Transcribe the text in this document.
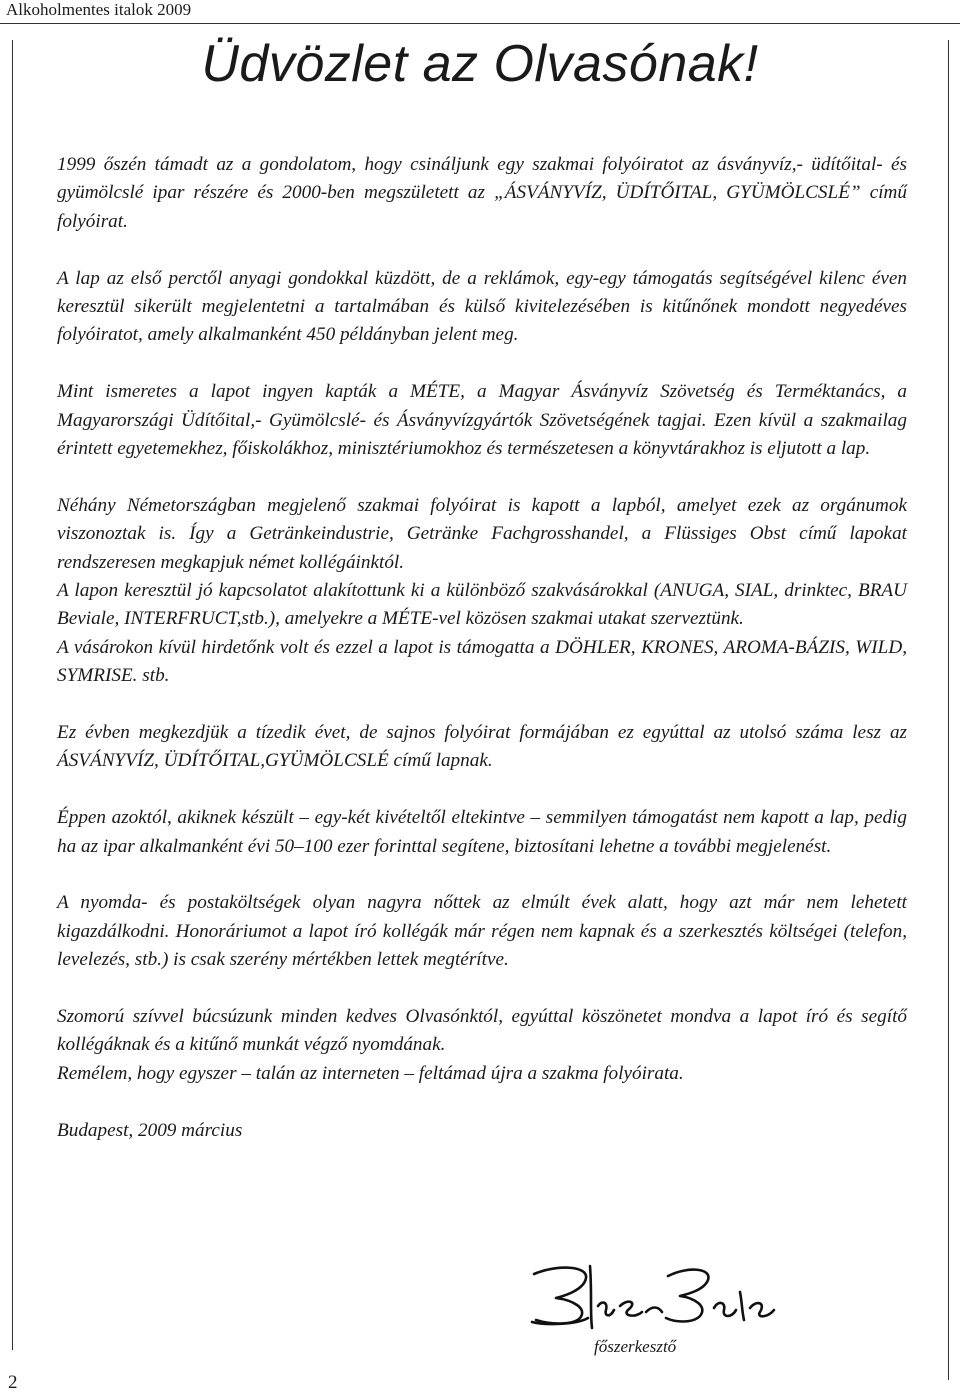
Alkoholmentes italok 2009
Üdvözlet az Olvasónak!

1999 őszén támadt az a gondolatom, hogy csináljunk egy szakmai folyóiratot az ásványvíz,- üdítőital- és gyümölcslé ipar részére és 2000-ben megszületett az „ÁSVÁNYVÍZ, ÜDÍTŐITAL, GYÜMÖLCSLÉ” című folyóirat.

A lap az első perctől anyagi gondokkal küzdött, de a reklámok, egy-egy támogatás segítségével kilenc éven keresztül sikerült megjelentetni a tartalmában és külső kivitelezésében is kitűnőnek mondott negyedéves folyóiratot, amely alkalmanként 450 példányban jelent meg.

Mint ismeretes a lapot ingyen kapták a MÉTE, a Magyar Ásványvíz Szövetség és Terméktanács, a Magyarországi Üdítőital,- Gyümölcslé- és Ásványvízgyártók Szövetségének tagjai. Ezen kívül a szakmailag érintett egyetemekhez, főiskolákhoz, minisztériumokhoz és természetesen a könyvtárakhoz is eljutott a lap.

Néhány Németországban megjelenő szakmai folyóirat is kapott a lapból, amelyet ezek az orgánumok viszonoztak is. Így a Getränkeindustrie, Getränke Fachgrosshandel, a Flüssiges Obst című lapokat rendszeresen megkapjuk német kollégáinktól.

A lapon keresztül jó kapcsolatot alakítottunk ki a különböző szakvásárokkal (ANUGA, SIAL, drinktec, BRAU Beviale, INTERFRUCT,stb.), amelyekre a MÉTE-vel közösen szakmai utakat szerveztünk.

A vásárokon kívül hirdetőnk volt és ezzel a lapot is támogatta a DÖHLER, KRONES, AROMA-BÁZIS, WILD, SYMRISE. stb.

Ez évben megkezdjük a tízedik évet, de sajnos folyóirat formájában ez egyúttal az utolsó száma lesz az ÁSVÁNYVÍZ, ÜDÍTŐITAL,GYÜMÖLCSLÉ című lapnak.

Éppen azoktól, akiknek készült – egy-két kivételtől eltekintve – semmilyen támogatást nem kapott a lap, pedig ha az ipar alkalmanként évi 50–100 ezer forinttal segítene, biztosítani lehetne a további megjelenést.

A nyomda- és postaköltségek olyan nagyra nőttek az elmúlt évek alatt, hogy azt már nem lehetett kigazdálkodni. Honoráriumot a lapot író kollégák már régen nem kapnak és a szerkesztés költségei (telefon, levelezés, stb.) is csak szerény mértékben lettek megtérítve.

Szomorú szívvel búcsúzunk minden kedves Olvasónktól, egyúttal köszönetet mondva a lapot író és segítő kollégáknak és a kitűnő munkát végző nyomdának.

Remélem, hogy egyszer – talán az interneten – feltámad újra a szakma folyóirata.

Budapest, 2009 március

főszerkesztő
2
